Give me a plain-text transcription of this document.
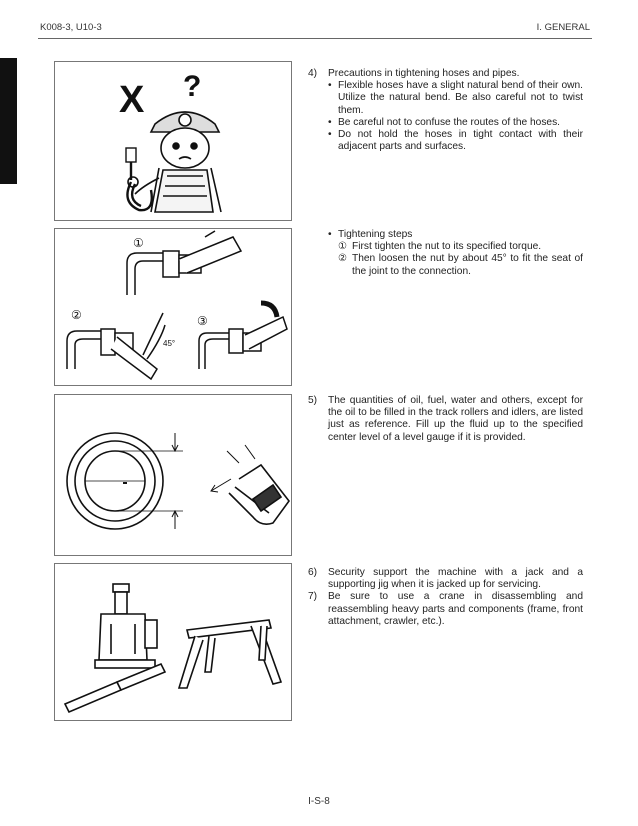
K008-3, U10-3	I. GENERAL
X ?	4) Precautions in tightening hoses and pipes.
• Flexible hoses have a slight natural bend of their own. Utilize the natural bend. Be also careful not to twist them.
• Be careful not to confuse the routes of the hoses.
• Do not hold the hoses in tight contact with their adjacent parts and surfaces.
①
②	③
45°
• Tightening steps
① First tighten the nut to its specified torque.
② Then loosen the nut by about 45° to fit the seat of the joint to the connection.
5) The quantities of oil, fuel, water and others, except for the oil to be filled in the track rollers and idlers, are listed just as reference. Fill up the fluid up to the specified center level of a level gauge if it is provided.
6) Security support the machine with a jack and a supporting jig when it is jacked up for servicing.
7) Be sure to use a crane in disassembling and reassembling heavy parts and components (frame, front attachment, crawler, etc.).
I-S-8
